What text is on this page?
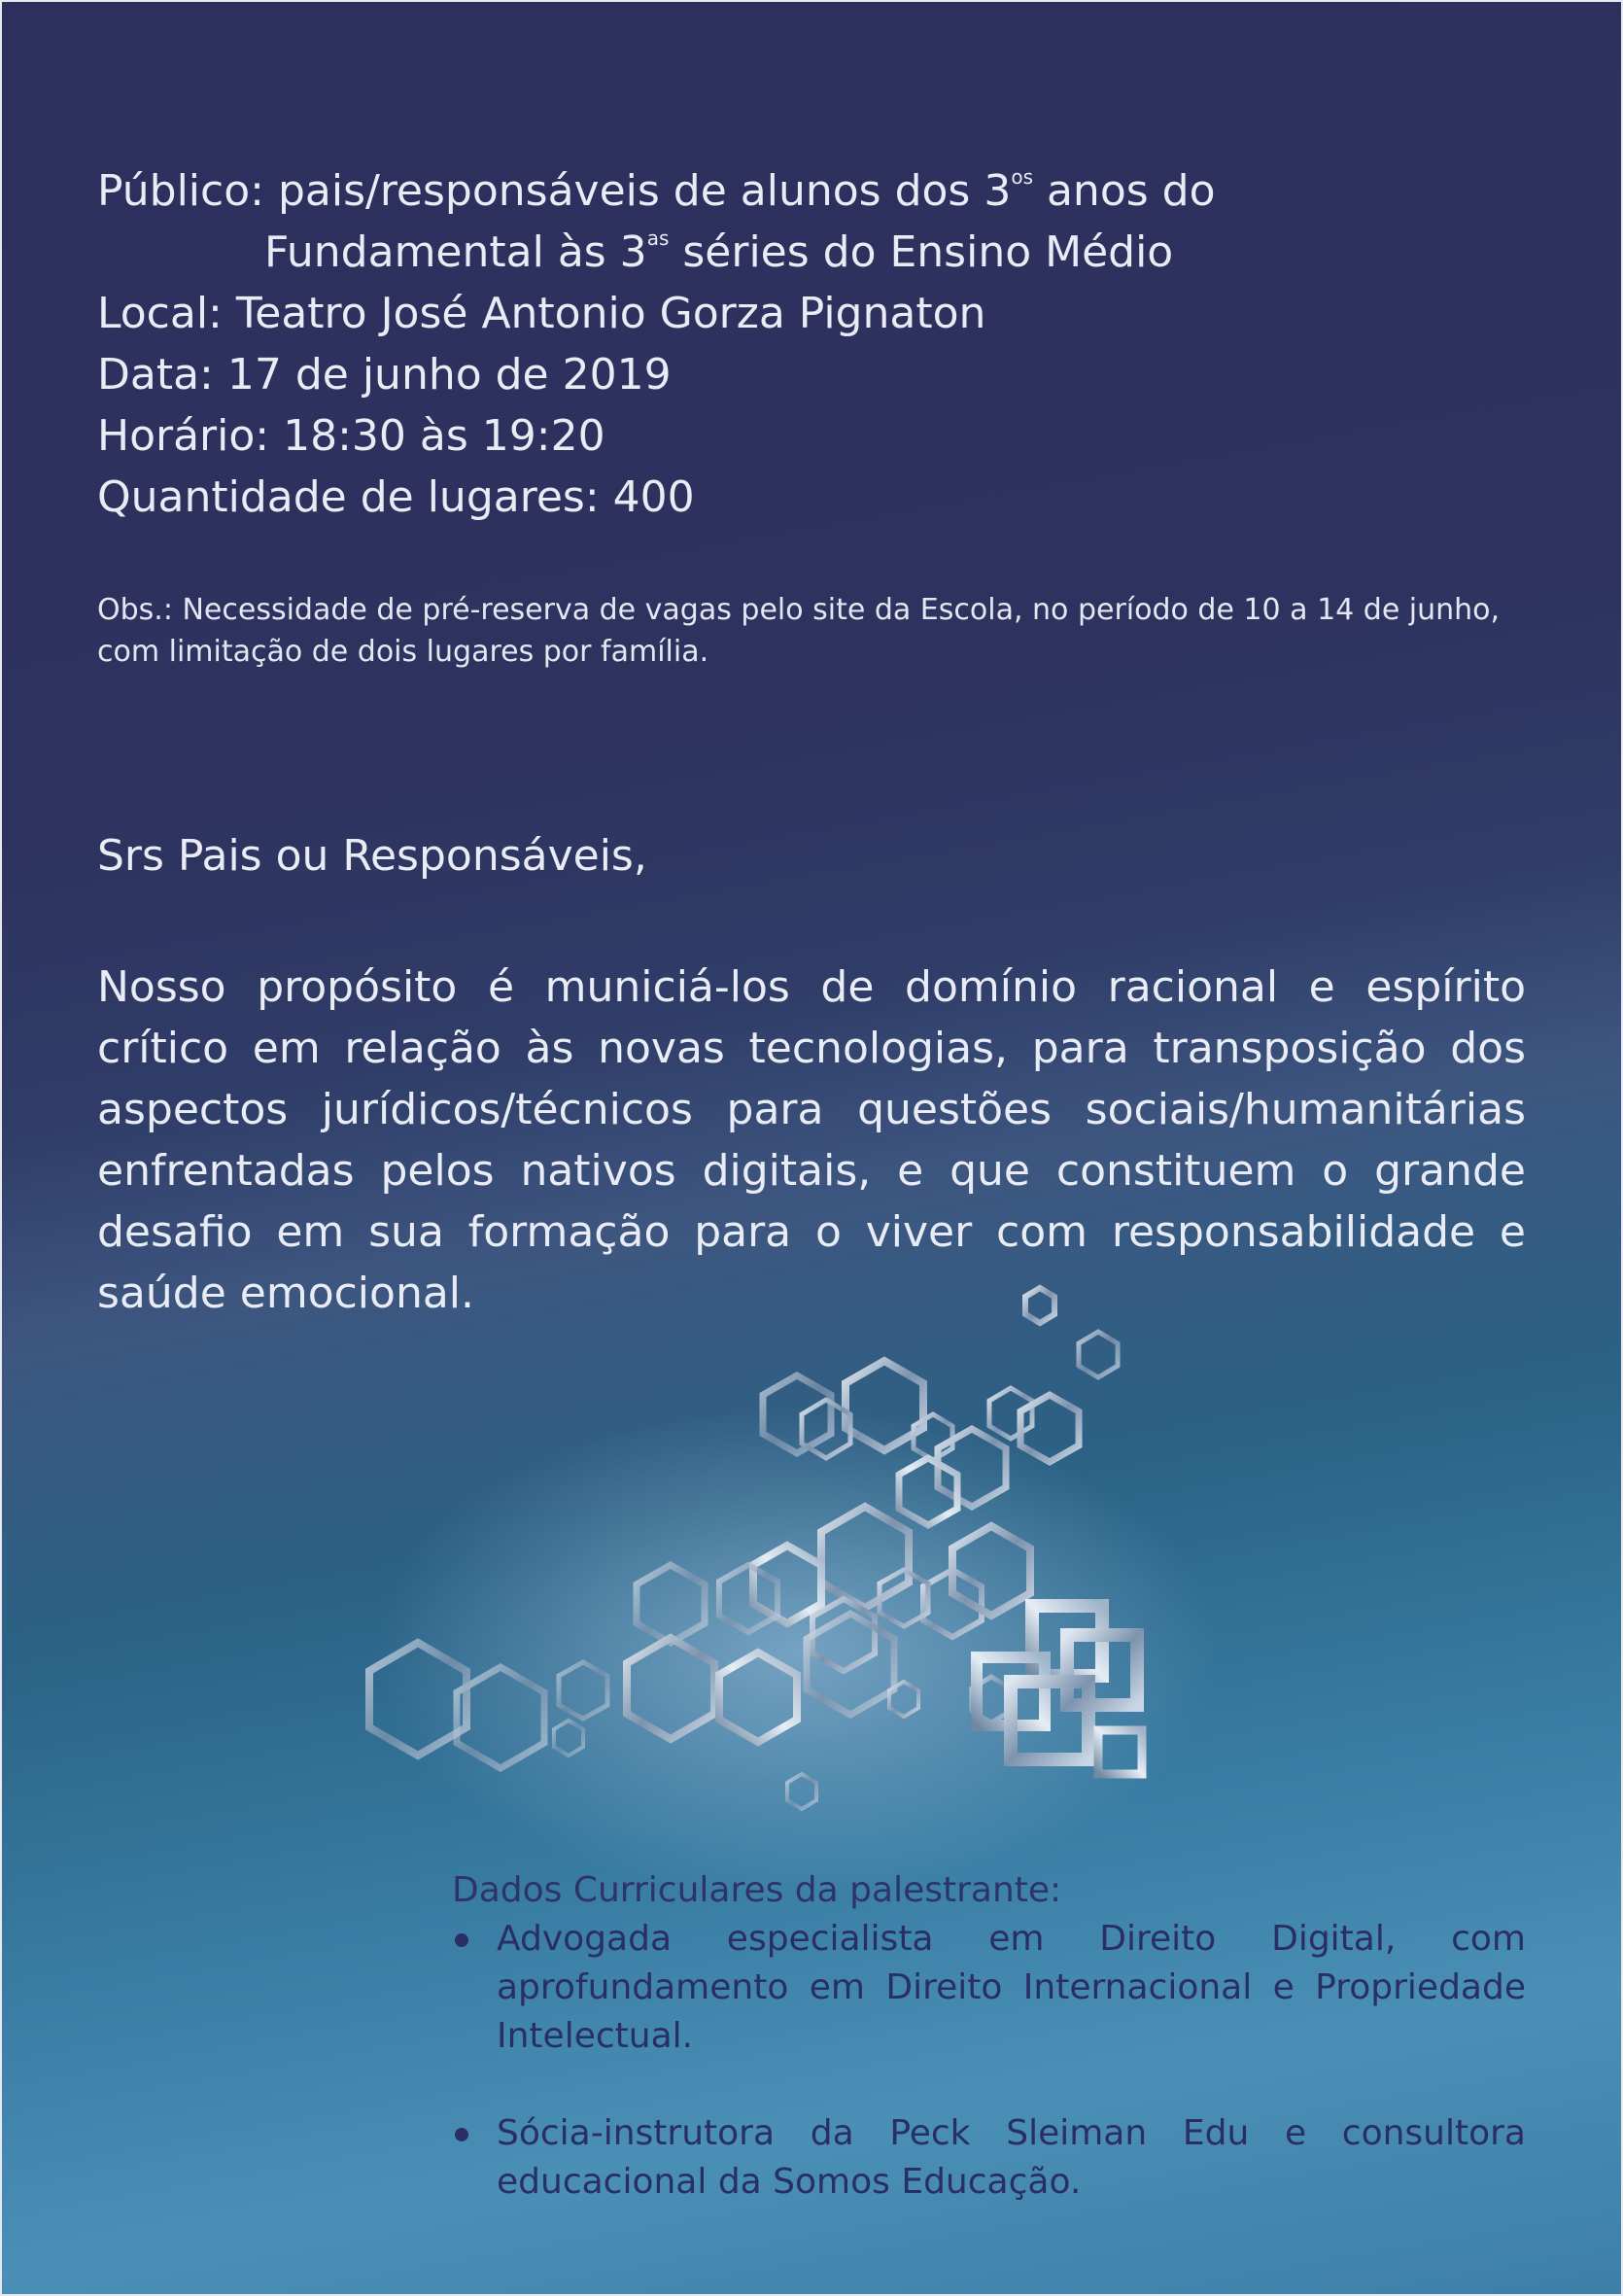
Público: pais/responsáveis de alunos dos $3^{os}$ anos do
Fundamental às $3^{as}$ séries do Ensino Médio
Local: Teatro José Antonio Gorza Pignaton
Data: 17 de junho de 2019
Horário: 18:30 às 19:20
Quantidade de lugares: 400
Obs.: Necessidade de pré-reserva de vagas pelo site da Escola, no período de 10 a 14 de junho, com limitação de dois lugares por família.
Srs Pais ou Responsáveis,
Nosso propósito é municiá-los de domínio racional e espírito crítico em relação às novas tecnologias, para transposição dos aspectos jurídicos/técnicos para questões sociais/humanitárias enfrentadas pelos nativos digitais, e que constituem o grande desafio em sua formação para o viver com responsabilidade e saúde emocional.
Dados Curriculares da palestrante:
Advogada especialista em Direito Digital, com aprofundamento em Direito Internacional e Propriedade Intelectual.
Sócia-instrutora da Peck Sleiman Edu e consultora educacional da Somos Educação.
